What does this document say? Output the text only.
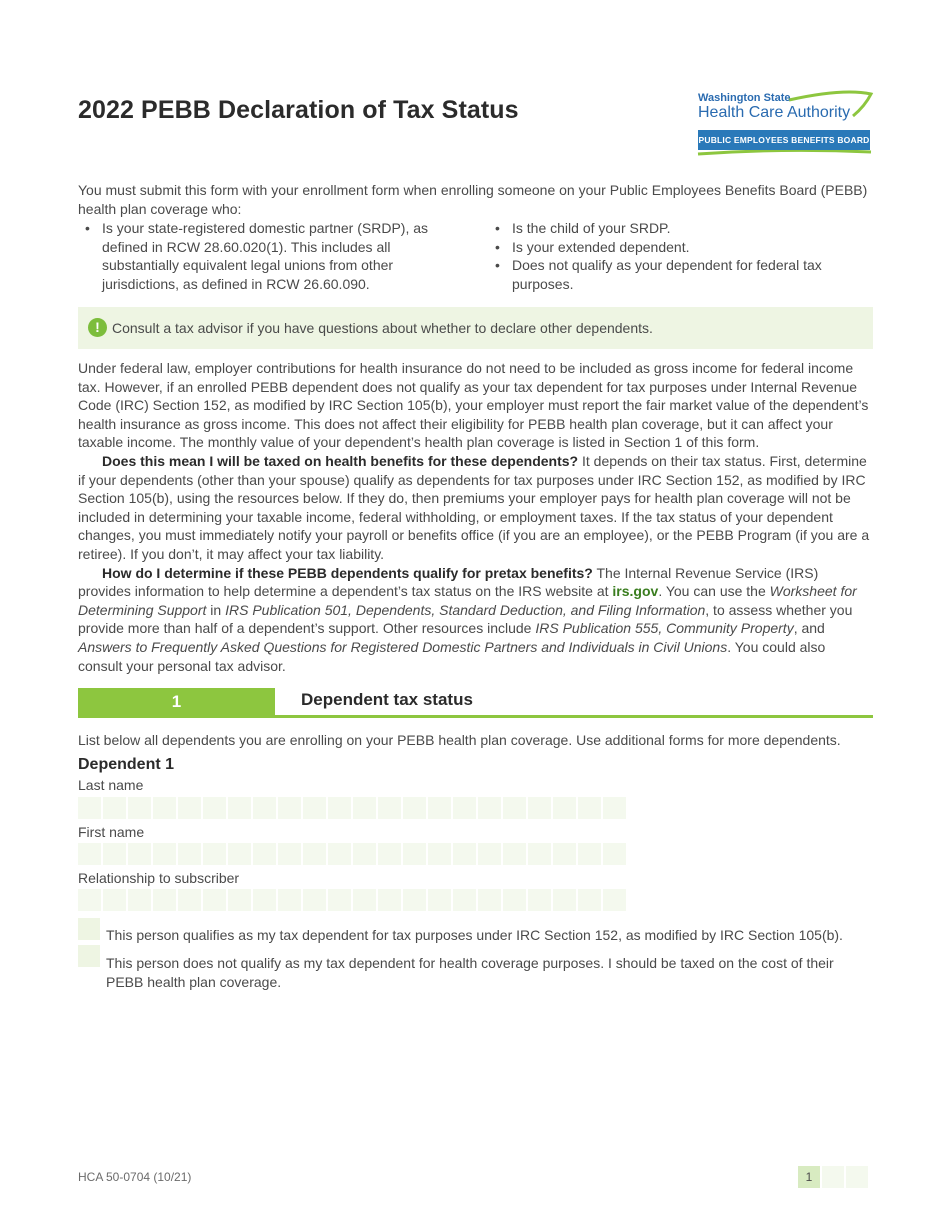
2022 PEBB Declaration of Tax Status	Washington State
Health Care Authority
PUBLIC EMPLOYEES BENEFITS BOARD

You must submit this form with your enrollment form when enrolling someone on your Public Employees Benefits Board (PEBB) health plan coverage who:

• Is your state-registered domestic partner (SRDP), as defined in RCW 28.60.020(1). This includes all substantially equivalent legal unions from other jurisdictions, as defined in RCW 26.60.090.
• Is the child of your SRDP.
• Is your extended dependent.
• Does not qualify as your dependent for federal tax purposes.
! Consult a tax advisor if you have questions about whether to declare other dependents.

Under federal law, employer contributions for health insurance do not need to be included as gross income for federal income tax. However, if an enrolled PEBB dependent does not qualify as your tax dependent for tax purposes under Internal Revenue Code (IRC) Section 152, as modified by IRC Section 105(b), your employer must report the fair market value of the dependent’s health insurance as gross income. This does not affect their eligibility for PEBB health plan coverage, but it can affect your taxable income. The monthly value of your dependent’s health plan coverage is listed in Section 1 of this form.

Does this mean I will be taxed on health benefits for these dependents? It depends on their tax status. First, determine if your dependents (other than your spouse) qualify as dependents for tax purposes under IRC Section 152, as modified by IRC Section 105(b), using the resources below. If they do, then premiums your employer pays for health plan coverage will not be included in determining your taxable income, federal withholding, or employment taxes. If the tax status of your dependent changes, you must immediately notify your payroll or benefits office (if you are an employee), or the PEBB Program (if you are a retiree). If you don’t, it may affect your tax liability.

How do I determine if these PEBB dependents qualify for pretax benefits? The Internal Revenue Service (IRS) provides information to help determine a dependent’s tax status on the IRS website at irs.gov. You can use the Worksheet for Determining Support in IRS Publication 501, Dependents, Standard Deduction, and Filing Information, to assess whether you provide more than half of a dependent’s support. Other resources include IRS Publication 555, Community Property, and Answers to Frequently Asked Questions for Registered Domestic Partners and Individuals in Civil Unions. You could also consult your personal tax advisor.

1	Dependent tax status

List below all dependents you are enrolling on your PEBB health plan coverage. Use additional forms for more dependents.

Dependent 1
Last name
First name
Relationship to subscriber
This person qualifies as my tax dependent for tax purposes under IRC Section 152, as modified by IRC Section 105(b).
This person does not qualify as my tax dependent for health coverage purposes. I should be taxed on the cost of their PEBB health plan coverage.
HCA 50-0704 (10/21)	1
